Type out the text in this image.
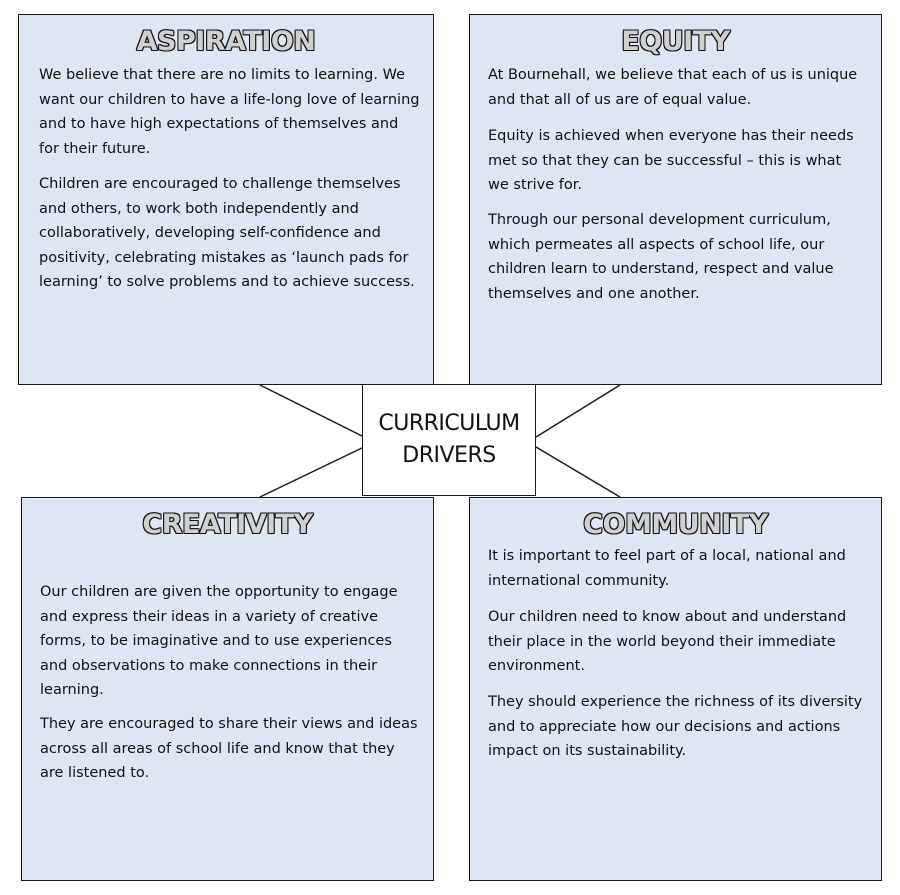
ASPIRATION

We believe that there are no limits to learning. We want our children to have a life-long love of learning and to have high expectations of themselves and for their future.

Children are encouraged to challenge themselves and others, to work both independently and collaboratively, developing self-confidence and positivity, celebrating mistakes as ‘launch pads for learning’ to solve problems and to achieve success.

EQUITY

At Bournehall, we believe that each of us is unique and that all of us are of equal value.

Equity is achieved when everyone has their needs met so that they can be successful – this is what we strive for.

Through our personal development curriculum, which permeates all aspects of school life, our children learn to understand, respect and value themselves and one another.

CREATIVITY

Our children are given the opportunity to engage and express their ideas in a variety of creative forms, to be imaginative and to use experiences and observations to make connections in their learning.

They are encouraged to share their views and ideas across all areas of school life and know that they are listened to.

COMMUNITY

It is important to feel part of a local, national and international community.

Our children need to know about and understand their place in the world beyond their immediate environment.

They should experience the richness of its diversity and to appreciate how our decisions and actions impact on its sustainability.

CURRICULUM
DRIVERS
